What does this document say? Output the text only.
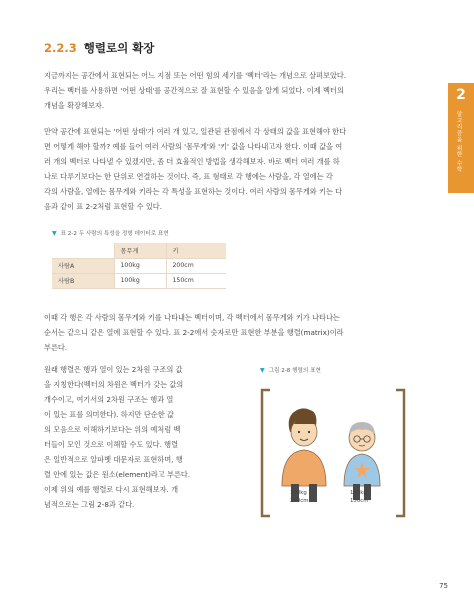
2.2.3 행렬로의 확장
2
알고리즘을 위한 수학
지금까지는 공간에서 표현되는 어느 지점 또는 어떤 힘의 세기를 '벡터'라는 개념으로 살펴보았다.
우리는 벡터를 사용하면 '어떤 상태'를 공간적으로 잘 표현할 수 있음을 알게 되었다. 이제 벡터의
개념을 확장해보자.
만약 공간에 표현되는 '어떤 상태'가 여러 개 있고, 일관된 관점에서 각 상태의 값을 표현해야 한다
면 어떻게 해야 할까? 예를 들어 여러 사람의 '몸무게'와 '키' 값을 나타내고자 한다. 이때 값을 여
러 개의 벡터로 나타낼 수 있겠지만, 좀 더 효율적인 방법을 생각해보자. 바로 벡터 여러 개를 하
나로 다루기보다는 한 단위로 연결하는 것이다. 즉, 표 형태로 각 행에는 사람을, 각 열에는 각
각의 사람을, 열에는 몸무게와 키라는 각 특성을 표현하는 것이다. 여러 사람의 몸무게와 키는 다
음과 같이 표 2-2처럼 표현할 수 있다.
▼ 표 2-2 두 사람의 특성을 정형 데이터로 표현
	몸무게	키
사람A	100kg	200cm
사람B	100kg	150cm
이때 각 행은 각 사람의 몸무게와 키를 나타내는 벡터이며, 각 벡터에서 몸무게와 키가 나타나는
순서는 같으니 같은 열에 표현할 수 있다. 표 2-2에서 숫자로만 표현한 부분을 행렬(matrix)이라
부른다.
원래 행렬은 행과 열이 있는 2차원 구조의 값
을 지칭한다(벡터의 차원은 벡터가 갖는 값의
개수이고, 여기서의 2차원 구조는 행과 열
이 있는 표를 의미한다). 하지만 단순한 값
의 모음으로 이해하기보다는 위의 예처럼 벡
터들이 모인 것으로 이해할 수도 있다. 행렬
은 일반적으로 알파벳 대문자로 표현하며, 행
렬 안에 있는 값은 원소(element)라고 부른다.
이제 위의 예를 행렬로 다시 표현해보자. 개
념적으로는 그림 2-8과 같다.
▼ 그림 2-8 행렬의 표현
100kg
200cm
100kg
150cm
75
